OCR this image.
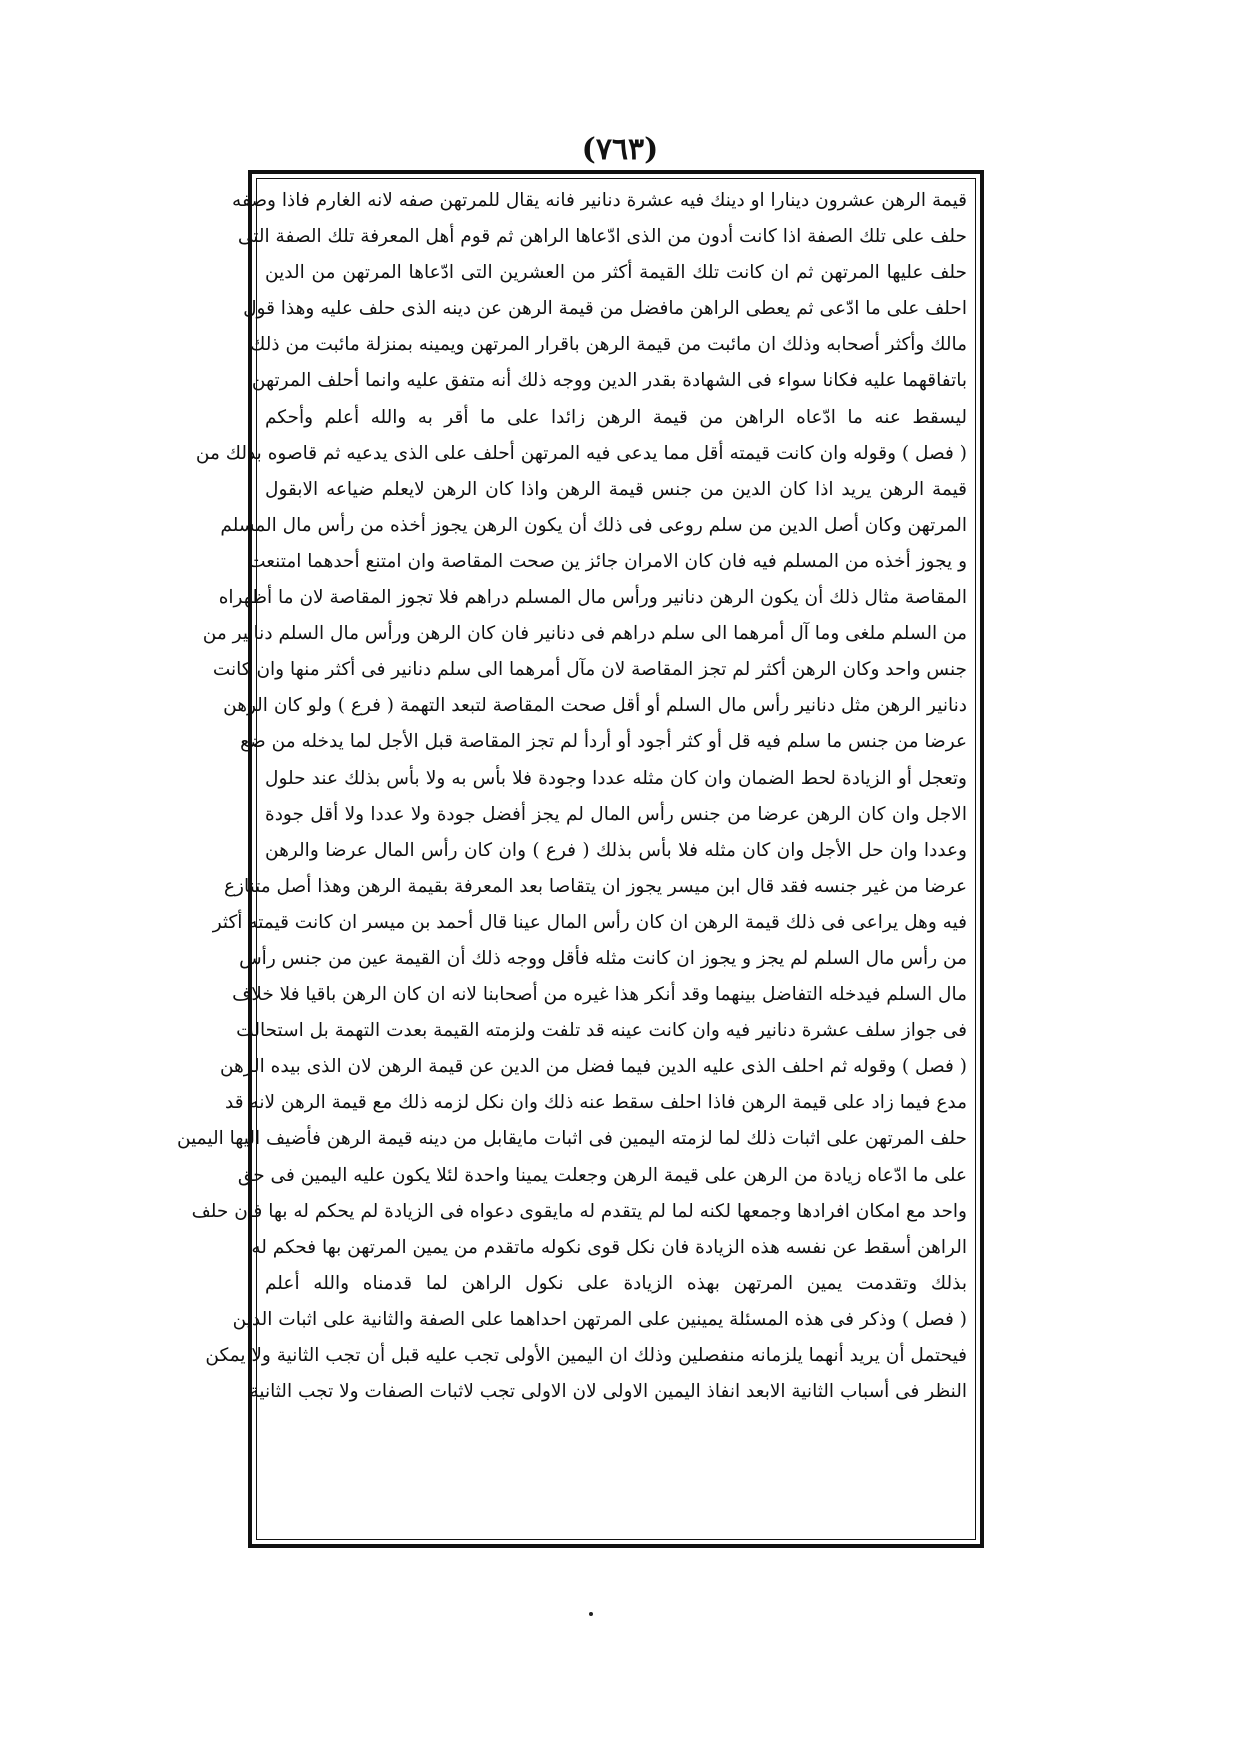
(٧٦٣)
قيمة الرهن عشرون دينارا او دينك فيه عشرة دنانير فانه يقال للمرتهن صفه لانه الغارم فاذا وصفه
حلف على تلك الصفة اذا كانت أدون من الذى ادّعاها الراهن ثم قوم أهل المعرفة تلك الصفة التى
حلف عليها المرتهن ثم ان كانت تلك القيمة أكثر من العشرين التى ادّعاها المرتهن من الدين
احلف على ما ادّعى ثم يعطى الراهن مافضل من قيمة الرهن عن دينه الذى حلف عليه وهذا قول
مالك وأكثر أصحابه وذلك ان مائبت من قيمة الرهن باقرار المرتهن ويمينه بمنزلة مائبت من ذلك
باتفاقهما عليه فكانا سواء فى الشهادة بقدر الدين ووجه ذلك أنه متفق عليه وانما أحلف المرتهن
ليسقط عنه ما ادّعاه الراهن من قيمة الرهن زائدا على ما أقر به والله أعلم وأحكم
( فصل ) وقوله وان كانت قيمته أقل مما يدعى فيه المرتهن أحلف على الذى يدعيه ثم قاصوه بذلك من
قيمة الرهن يريد اذا كان الدين من جنس قيمة الرهن واذا كان الرهن لايعلم ضياعه الابقول
المرتهن وكان أصل الدين من سلم روعى فى ذلك أن يكون الرهن يجوز أخذه من رأس مال المسلم
و يجوز أخذه من المسلم فيه فان كان الامران جائز ين صحت المقاصة وان امتنع أحدهما امتنعت
المقاصة مثال ذلك أن يكون الرهن دنانير ورأس مال المسلم دراهم فلا تجوز المقاصة لان ما أظهراه
من السلم ملغى وما آل أمرهما الى سلم دراهم فى دنانير فان كان الرهن ورأس مال السلم دنانير من
جنس واحد وكان الرهن أكثر لم تجز المقاصة لان مآل أمرهما الى سلم دنانير فى أكثر منها وان كانت
دنانير الرهن مثل دنانير رأس مال السلم أو أقل صحت المقاصة لتبعد التهمة ( فرع ) ولو كان الرهن
عرضا من جنس ما سلم فيه قل أو كثر أجود أو أردأ لم تجز المقاصة قبل الأجل لما يدخله من ضع
وتعجل أو الزيادة لحط الضمان وان كان مثله عددا وجودة فلا بأس به ولا بأس بذلك عند حلول
الاجل وان كان الرهن عرضا من جنس رأس المال لم يجز أفضل جودة ولا عددا ولا أقل جودة
وعددا وان حل الأجل وان كان مثله فلا بأس بذلك ( فرع ) وان كان رأس المال عرضا والرهن
عرضا من غير جنسه فقد قال ابن ميسر يجوز ان يتقاصا بعد المعرفة بقيمة الرهن وهذا أصل متنازع
فيه وهل يراعى فى ذلك قيمة الرهن ان كان رأس المال عينا قال أحمد بن ميسر ان كانت قيمته أكثر
من رأس مال السلم لم يجز و يجوز ان كانت مثله فأقل ووجه ذلك أن القيمة عين من جنس رأس
مال السلم فيدخله التفاضل بينهما وقد أنكر هذا غيره من أصحابنا لانه ان كان الرهن باقيا فلا خلاف
فى جواز سلف عشرة دنانير فيه وان كانت عينه قد تلفت ولزمته القيمة بعدت التهمة بل استحالت
( فصل ) وقوله ثم احلف الذى عليه الدين فيما فضل من الدين عن قيمة الرهن لان الذى بيده الرهن
مدع فيما زاد على قيمة الرهن فاذا احلف سقط عنه ذلك وان نكل لزمه ذلك مع قيمة الرهن لانه قد
حلف المرتهن على اثبات ذلك لما لزمته اليمين فى اثبات مايقابل من دينه قيمة الرهن فأضيف اليها اليمين
على ما ادّعاه زيادة من الرهن على قيمة الرهن وجعلت يمينا واحدة لئلا يكون عليه اليمين فى حق
واحد مع امكان افرادها وجمعها لكنه لما لم يتقدم له مايقوى دعواه فى الزيادة لم يحكم له بها فان حلف
الراهن أسقط عن نفسه هذه الزيادة فان نكل قوى نكوله ماتقدم من يمين المرتهن بها فحكم له
بذلك وتقدمت يمين المرتهن بهذه الزيادة على نكول الراهن لما قدمناه والله أعلم
( فصل ) وذكر فى هذه المسئلة يمينين على المرتهن احداهما على الصفة والثانية على اثبات الدين
فيحتمل أن يريد أنهما يلزمانه منفصلين وذلك ان اليمين الأولى تجب عليه قبل أن تجب الثانية ولا يمكن
النظر فى أسباب الثانية الابعد انفاذ اليمين الاولى لان الاولى تجب لاثبات الصفات ولا تجب الثانية
